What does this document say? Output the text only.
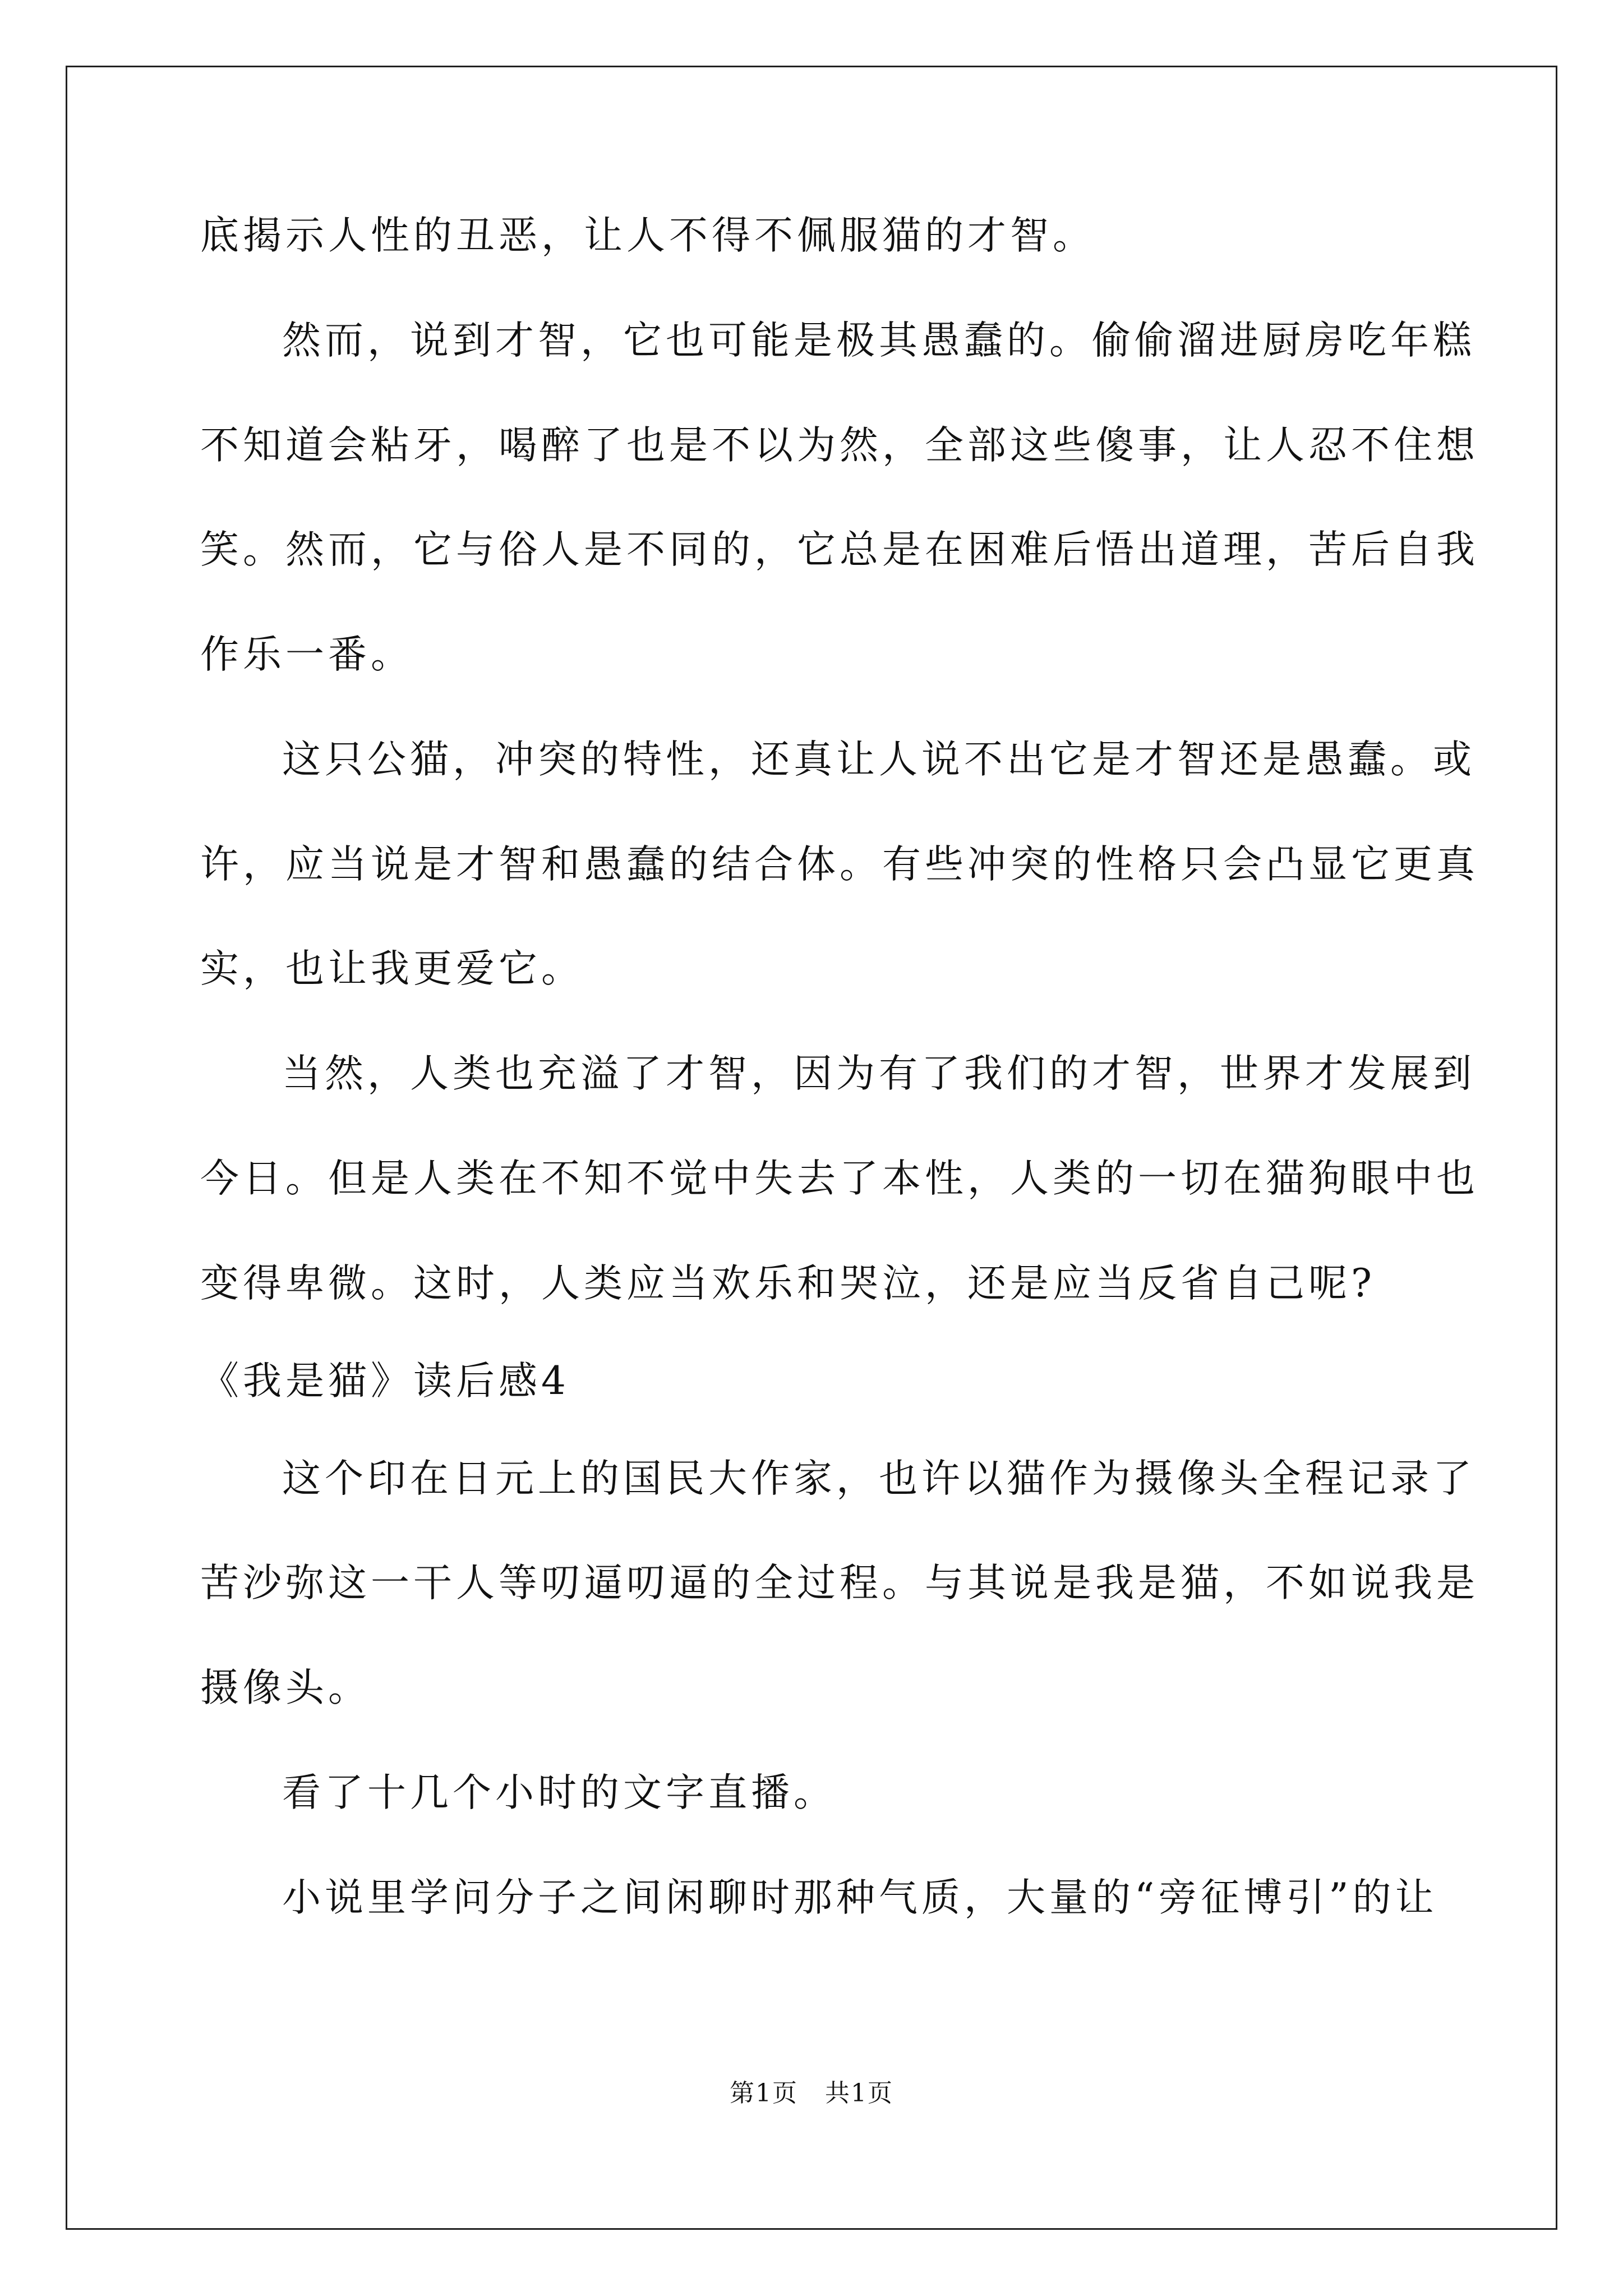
底揭示人性的丑恶，让人不得不佩服猫的才智。
然而，说到才智，它也可能是极其愚蠢的。偷偷溜进厨房吃年糕
不知道会粘牙，喝醉了也是不以为然，全部这些傻事，让人忍不住想
笑。然而，它与俗人是不同的，它总是在困难后悟出道理，苦后自我
作乐一番。
这只公猫，冲突的特性，还真让人说不出它是才智还是愚蠢。或
许，应当说是才智和愚蠢的结合体。有些冲突的性格只会凸显它更真
实，也让我更爱它。
当然，人类也充溢了才智，因为有了我们的才智，世界才发展到
今日。但是人类在不知不觉中失去了本性，人类的一切在猫狗眼中也
变得卑微。这时，人类应当欢乐和哭泣，还是应当反省自己呢?
《我是猫》读后感4
这个印在日元上的国民大作家，也许以猫作为摄像头全程记录了
苦沙弥这一干人等叨逼叨逼的全过程。与其说是我是猫，不如说我是
摄像头。
看了十几个小时的文字直播。
小说里学问分子之间闲聊时那种气质，大量的“旁征博引”的让
第1页 共1页
